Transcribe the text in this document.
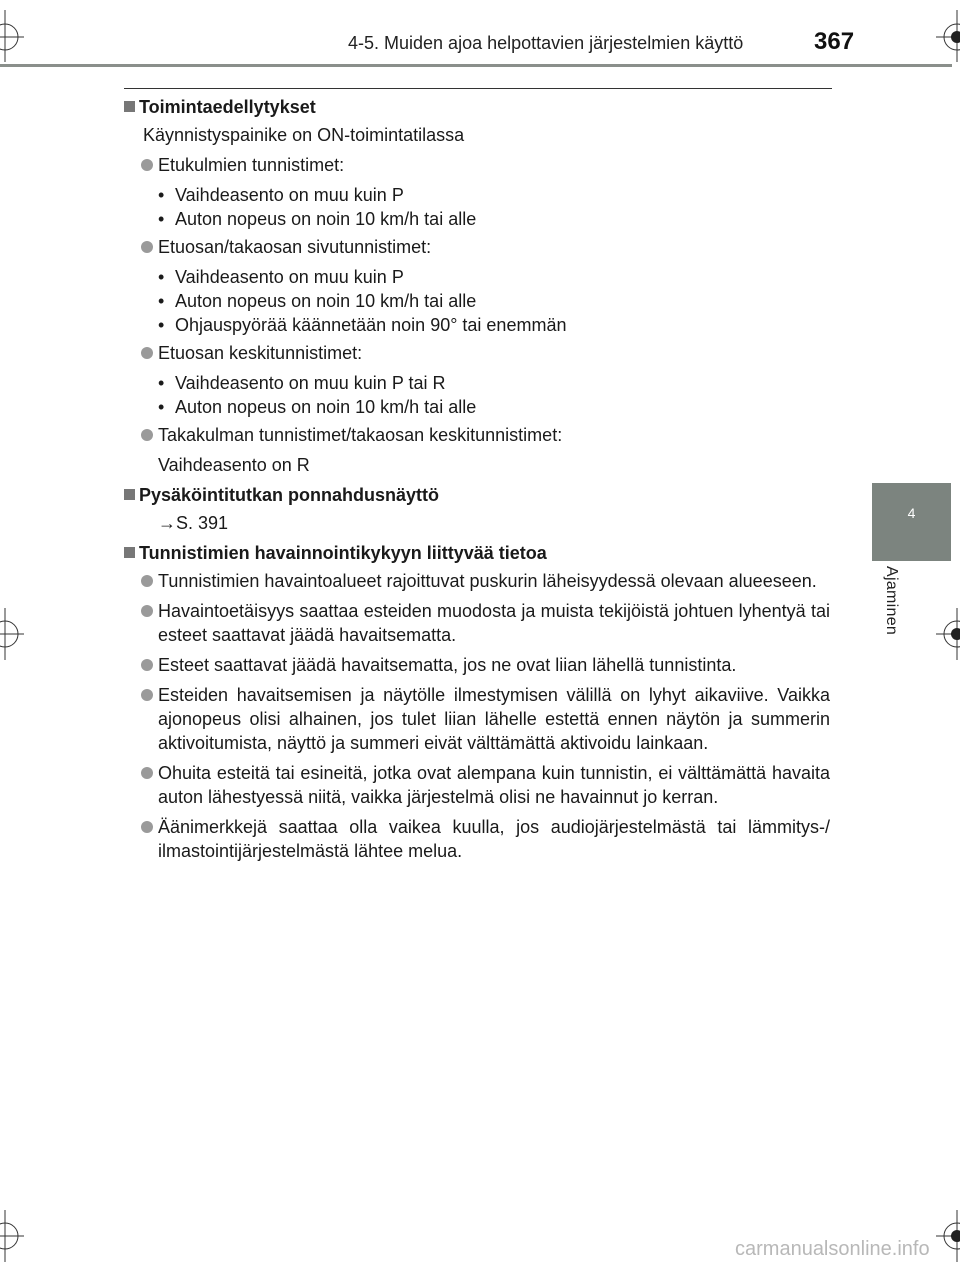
4-5. Muiden ajoa helpottavien järjestelmien käyttö	367
4
Ajaminen
Toimintaedellytykset
Käynnistyspainike on ON-toimintatilassa
Etukulmien tunnistimet:
• Vaihdeasento on muu kuin P
• Auton nopeus on noin 10 km/h tai alle
Etuosan/takaosan sivutunnistimet:
• Vaihdeasento on muu kuin P
• Auton nopeus on noin 10 km/h tai alle
• Ohjauspyörää käännetään noin 90° tai enemmän
Etuosan keskitunnistimet:
• Vaihdeasento on muu kuin P tai R
• Auton nopeus on noin 10 km/h tai alle
Takakulman tunnistimet/takaosan keskitunnistimet:
Vaihdeasento on R
Pysäköintitutkan ponnahdusnäyttö
→S. 391
Tunnistimien havainnointikykyyn liittyvää tietoa
Tunnistimien havaintoalueet rajoittuvat puskurin läheisyydessä olevaan alueeseen.
Havaintoetäisyys saattaa esteiden muodosta ja muista tekijöistä johtuen lyhentyä tai esteet saattavat jäädä havaitsematta.
Esteet saattavat jäädä havaitsematta, jos ne ovat liian lähellä tunnistinta.
Esteiden havaitsemisen ja näytölle ilmestymisen välillä on lyhyt aikaviive. Vaikka ajonopeus olisi alhainen, jos tulet liian lähelle estettä ennen näytön ja summerin aktivoitumista, näyttö ja summeri eivät välttämättä aktivoidu lainkaan.
Ohuita esteitä tai esineitä, jotka ovat alempana kuin tunnistin, ei välttämättä havaita auton lähestyessä niitä, vaikka järjestelmä olisi ne havainnut jo kerran.
Äänimerkkejä saattaa olla vaikea kuulla, jos audiojärjestelmästä tai lämmitys-/ ilmastointijärjestelmästä lähtee melua.
carmanualsonline.info
